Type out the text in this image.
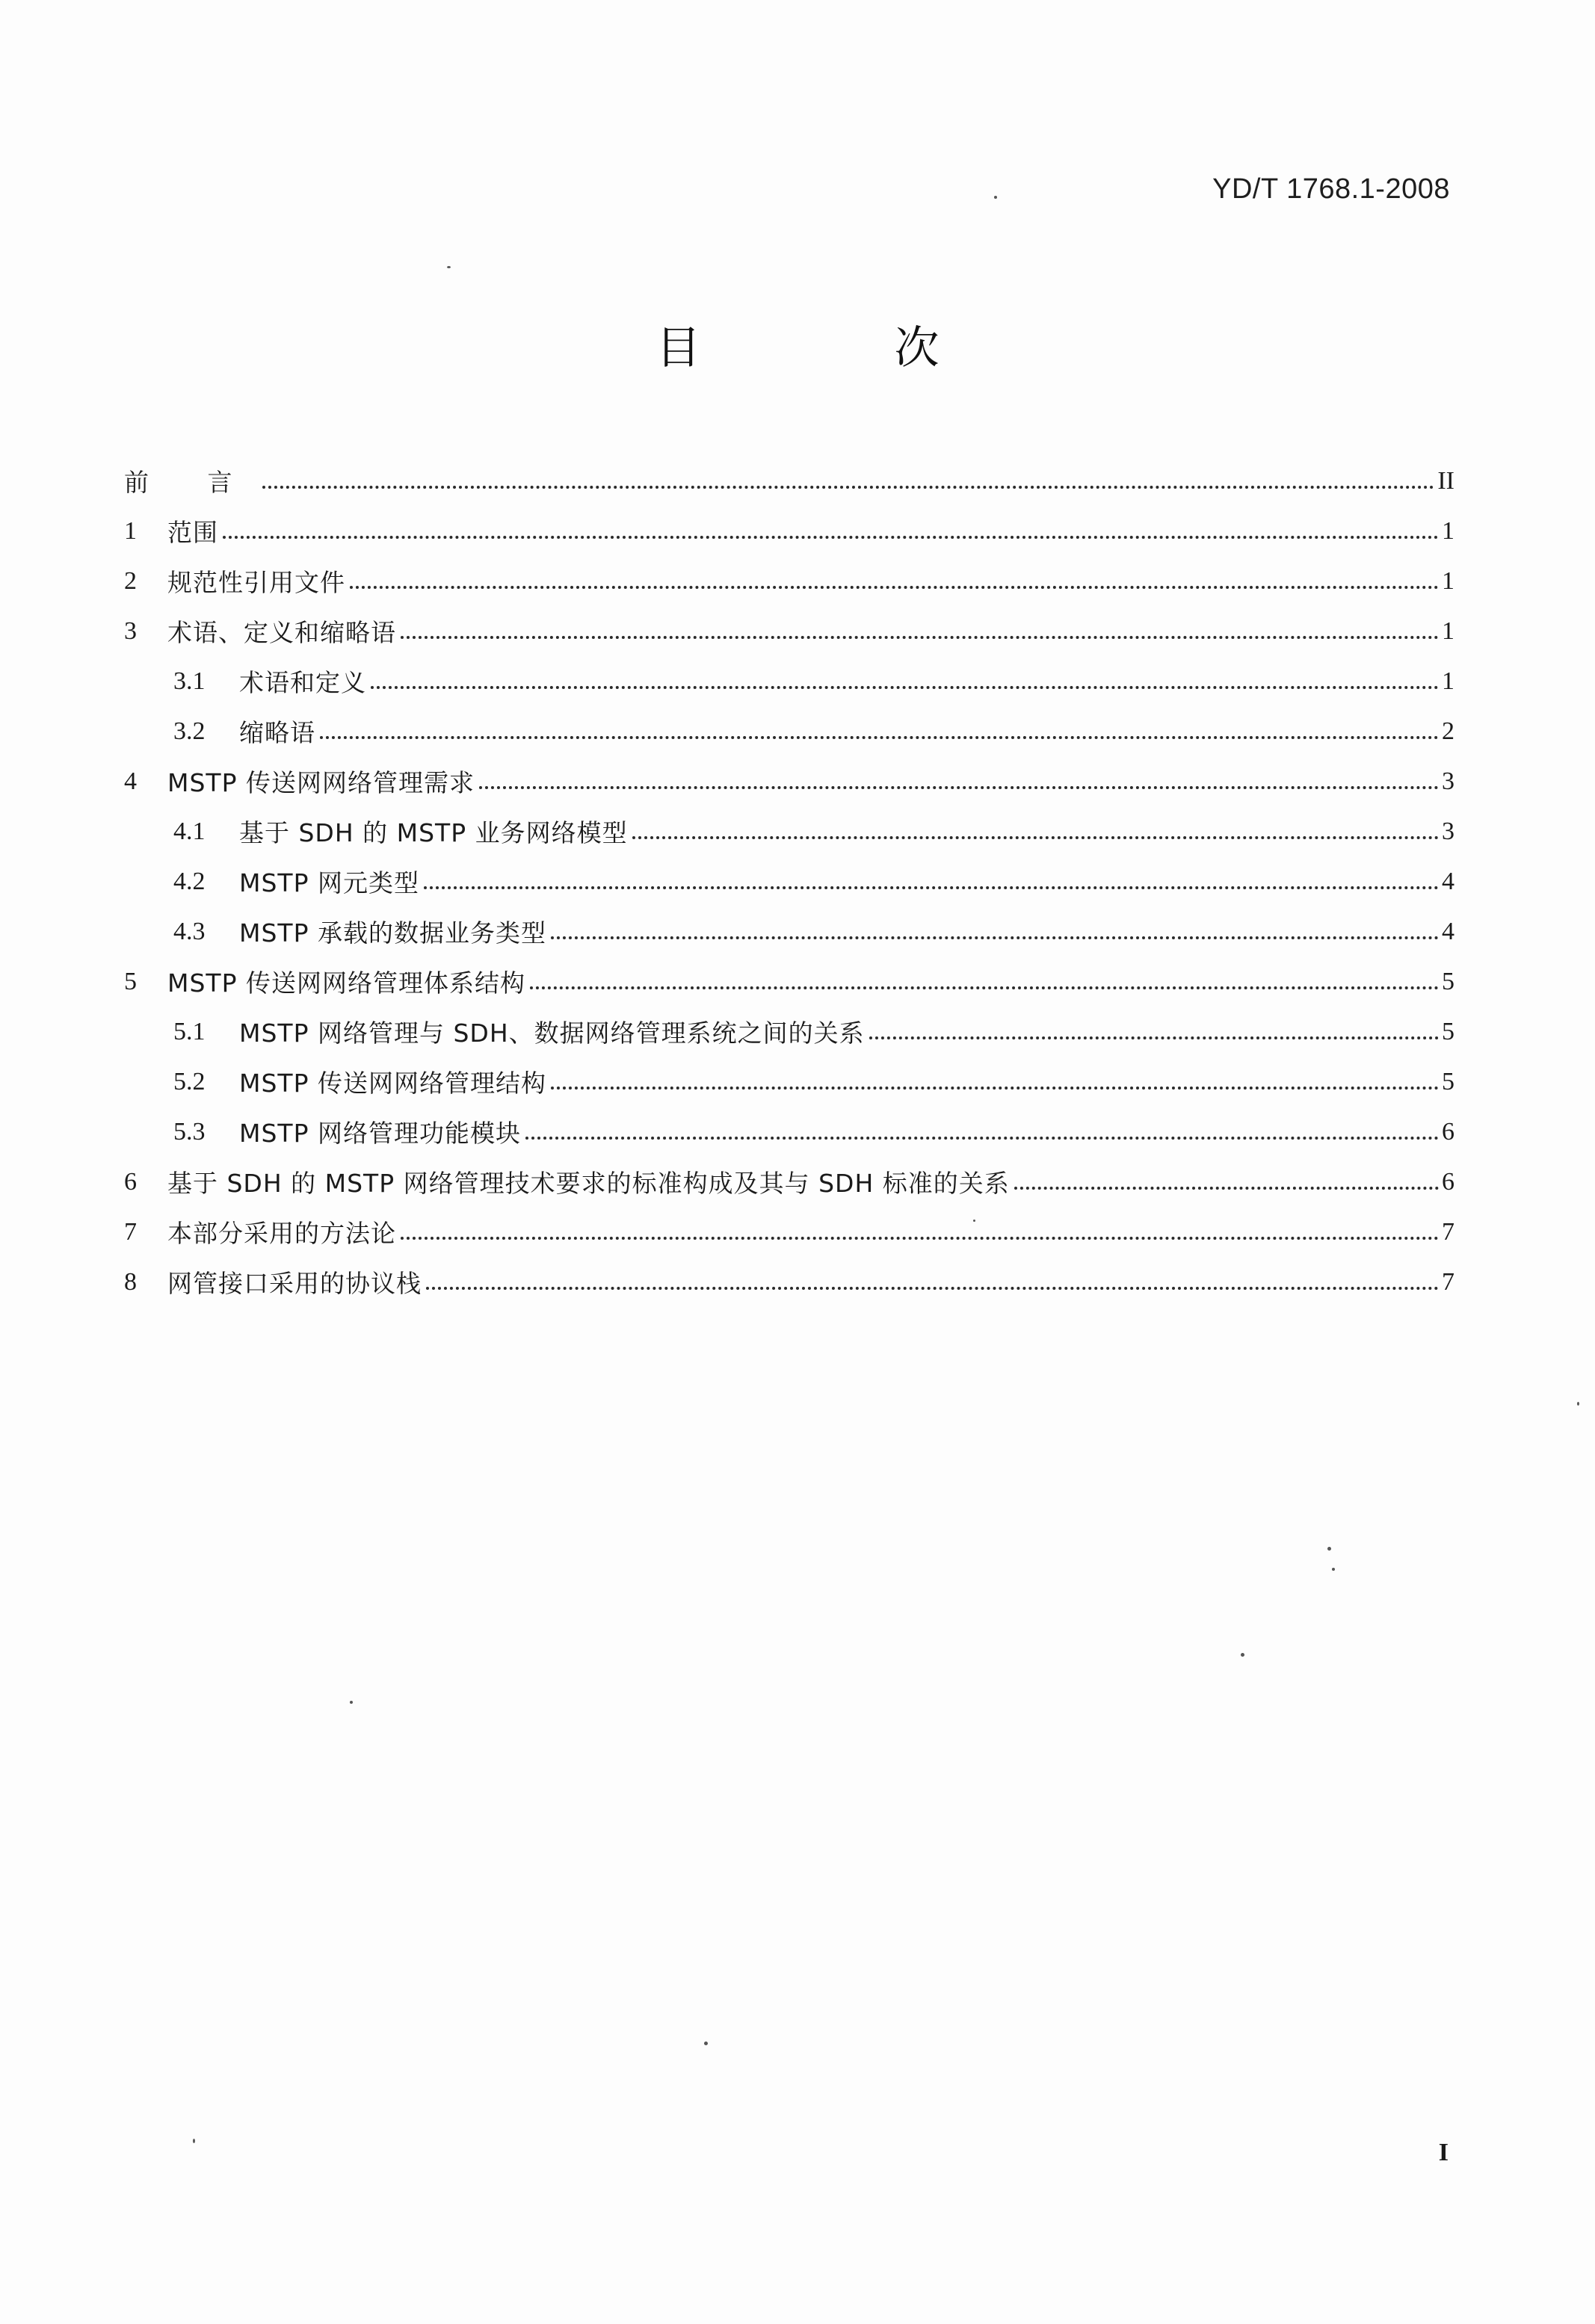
YD/T 1768.1-2008
目 次
前 言	II
1	范围	1
2	规范性引用文件	1
3	术语、定义和缩略语	1
3.1	术语和定义	1
3.2	缩略语	2
4	MSTP 传送网网络管理需求	3
4.1	基于 SDH 的 MSTP 业务网络模型	3
4.2	MSTP 网元类型	4
4.3	MSTP 承载的数据业务类型	4
5	MSTP 传送网网络管理体系结构	5
5.1	MSTP 网络管理与 SDH、数据网络管理系统之间的关系	5
5.2	MSTP 传送网网络管理结构	5
5.3	MSTP 网络管理功能模块	6
6	基于 SDH 的 MSTP 网络管理技术要求的标准构成及其与 SDH 标准的关系	6
7	本部分采用的方法论	7
8	网管接口采用的协议栈	7
I
